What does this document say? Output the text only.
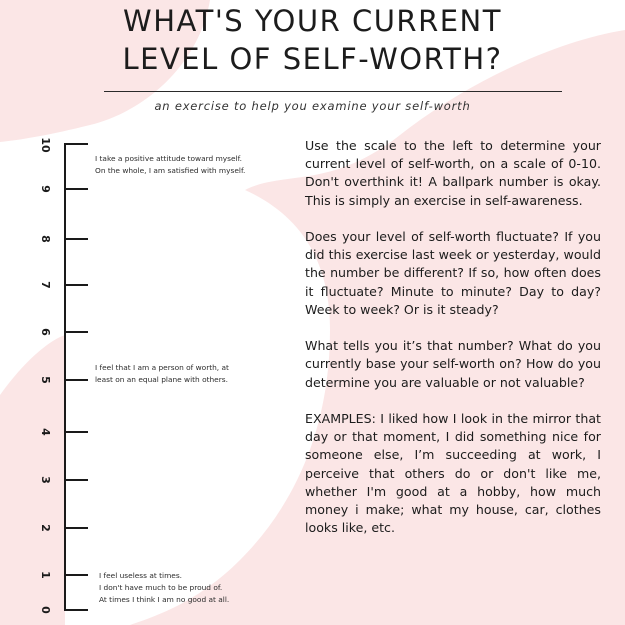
WHAT'S YOUR CURRENT
LEVEL OF SELF-WORTH?
an exercise to help you examine your self-worth
10
9
8
7
6
5
4
3
2
1
0
I take a positive attitude toward myself.
On the whole, I am satisfied with myself.
I feel that I am a person of worth, at
least on an equal plane with others.
I feel useless at times.
I don't have much to be proud of.
At times I think I am no good at all.

Use the scale to the left to determine your current level of self-worth, on a scale of 0-10. Don't overthink it! A ballpark number is okay. This is simply an exercise in self-awareness.

Does your level of self-worth fluctuate? If you did this exercise last week or yesterday, would the number be different? If so, how often does it fluctuate? Minute to minute? Day to day? Week to week? Or is it steady?

What tells you it’s that number? What do you currently base your self-worth on? How do you determine you are valuable or not valuable?

EXAMPLES: I liked how I look in the mirror that day or that moment, I did something nice for someone else, I’m succeeding at work, I perceive that others do or don't like me, whether I'm good at a hobby, how much money i make; what my house, car, clothes looks like, etc.
